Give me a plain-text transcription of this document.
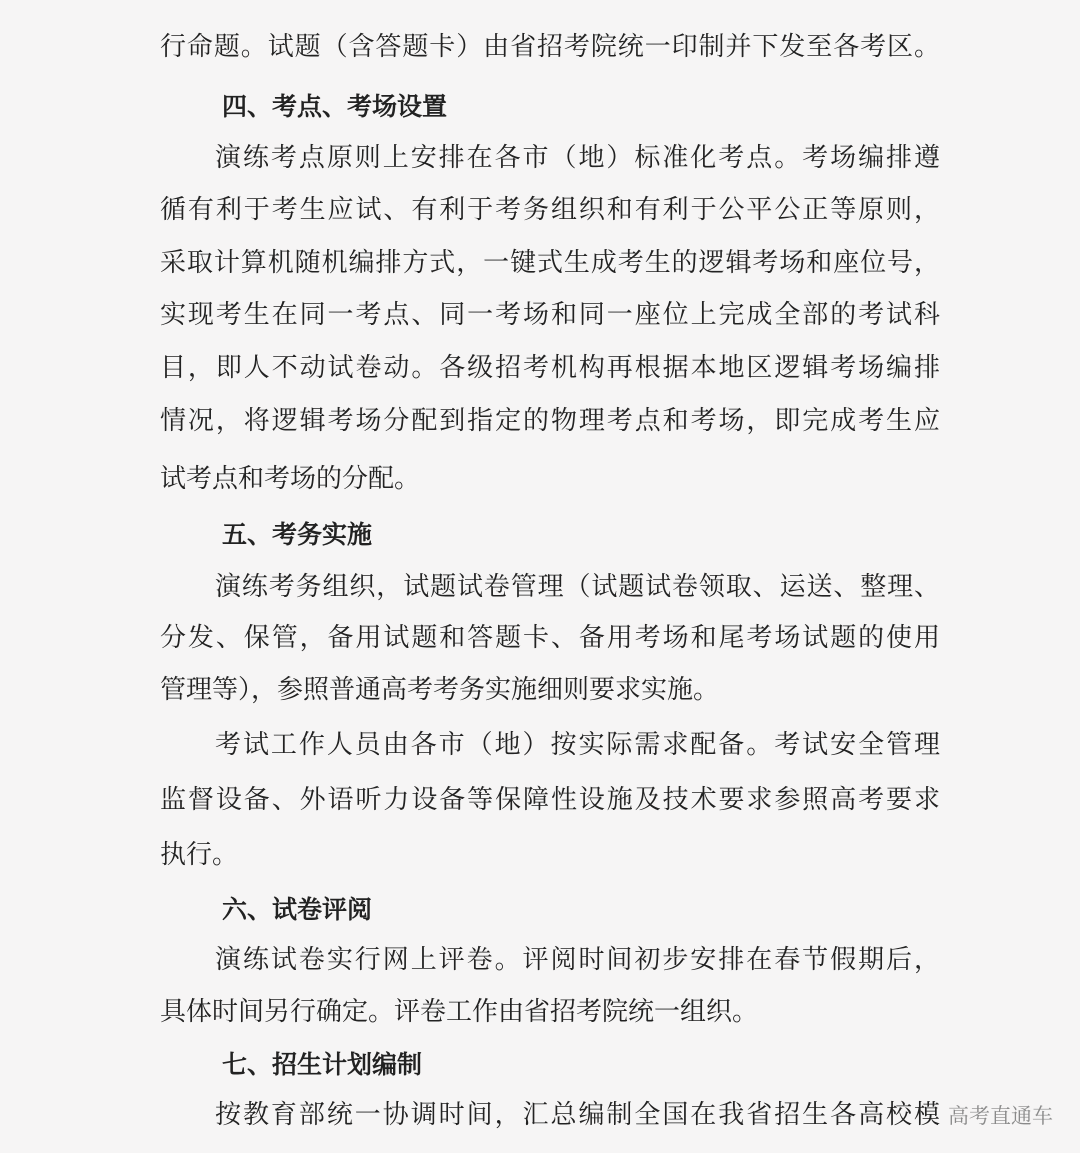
行命题。试题（含答题卡）由省招考院统一印制并下发至各考区。
四、考点、考场设置
演练考点原则上安排在各市（地）标准化考点。考场编排遵
循有利于考生应试、有利于考务组织和有利于公平公正等原则，
采取计算机随机编排方式，一键式生成考生的逻辑考场和座位号，
实现考生在同一考点、同一考场和同一座位上完成全部的考试科
目，即人不动试卷动。各级招考机构再根据本地区逻辑考场编排
情况，将逻辑考场分配到指定的物理考点和考场，即完成考生应
试考点和考场的分配。
五、考务实施
演练考务组织，试题试卷管理（试题试卷领取、运送、整理、
分发、保管，备用试题和答题卡、备用考场和尾考场试题的使用
管理等），参照普通高考考务实施细则要求实施。
考试工作人员由各市（地）按实际需求配备。考试安全管理
监督设备、外语听力设备等保障性设施及技术要求参照高考要求
执行。
六、试卷评阅
演练试卷实行网上评卷。评阅时间初步安排在春节假期后，
具体时间另行确定。评卷工作由省招考院统一组织。
七、招生计划编制
按教育部统一协调时间，汇总编制全国在我省招生各高校模 高考直通车
